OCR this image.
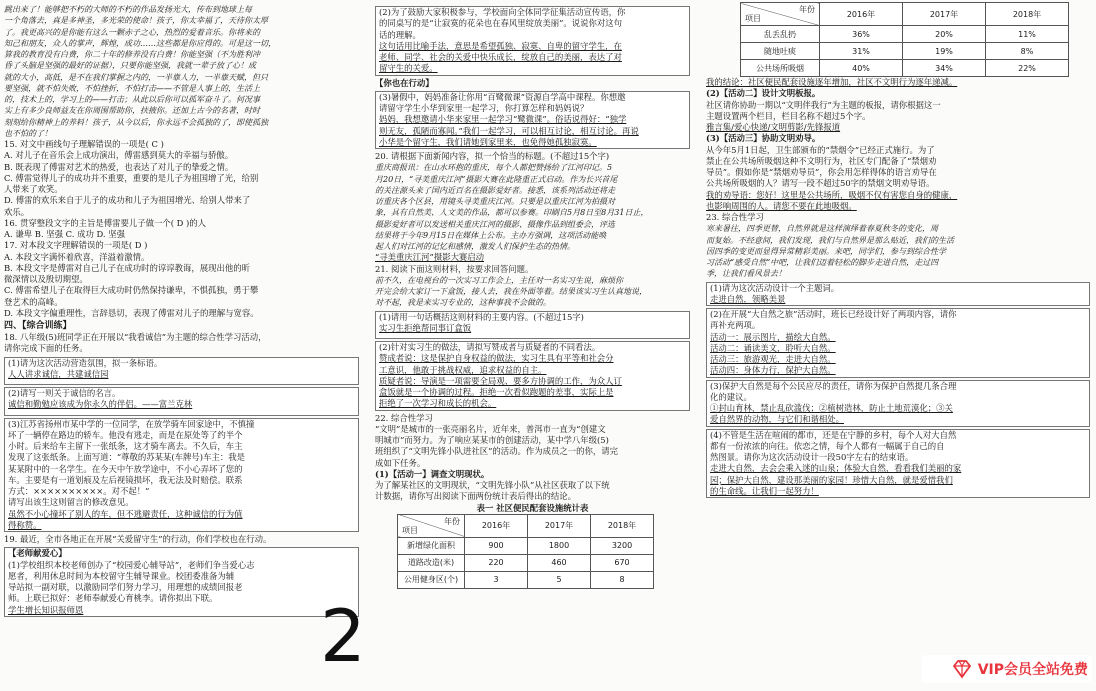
跳出来了！能够把不朽的大师的不朽的作品发扬光大，传布到地球上每
一个角落去，真是多神圣，多光荣的使命！孩子，你太幸福了，天待你太厚
了。我更高兴的是你能有这么一颗赤子之心，热烈的爱着音乐。你将来的
知己和朋友，众人的掌声，辉煌，成功……这些都是你应得的。可是这一切，
算我的教育没有白费，你二十年的修养没有白费！你能坚强（不为胜利冲
昏了头脑是坚强的最好的证据），只要你能坚强，我就一辈子放了心！成
就的大小，高低，是不在我们掌握之内的，一半靠人力，一半靠天赋，但只
要坚强，就不怕失败，不怕挫折，不怕打击——不管是人事上的，生活上
的，技术上的，学习上的——打击；从此以后你可以孤军奋斗了。何况事
实上有多少良师益友在你周围帮助你，扶掖你。还加上古今的名著，时时
刻刻给你精神上的养料！孩子，从今以后，你永远不会孤独的了，即使孤独
也不怕的了！
15. 对文中画线句子理解错误的一项是( C )
A. 对儿子在音乐会上成功演出，傅雷感到莫大的幸福与骄傲。
B. 既表现了傅雷对艺术的热爱，也表达了对儿子的挚爱之情。
C. 傅雷觉得儿子的成功并不重要，重要的是儿子为祖国增了光，给别
人带来了欢笑。
D. 傅雷的欢乐来自于儿子的成功和儿子为祖国增光、给别人带来了
欢乐。
16. 贯穿整段文字的主旨是傅雷要儿子做一个( D )的人
A. 谦卑 B. 坚强 C. 成功 D. 坚强
17. 对本段文字理解错误的一项是( D )
A. 本段文字满怀着欣喜，洋溢着激情。
B. 本段文字是傅雷对自己儿子在成功时的谆谆教诲，展现出他的昕
微深情以及殷切期望。
C. 傅雷希望儿子在取得巨大成功时仍然保持谦卑，不惧孤独，勇于攀
登艺术的高峰。
D. 本段文字偏重理性，言辞恳切，表现了傅雷对儿子的理解与宽容。
四、【综合训练】
18. 八年级(5)班同学正在开展以“我看诚信”为主题的综合性学习活动，
请你完成下面的任务。
(1)请为这次活动营造氛围，拟一条标语。
人人讲求诚信，共建诚信园
(2)请写一则关于诚信的名言。
诚信和勤勉应该成为你永久的伴侣。——富兰克林
(3)江苏省扬州市某中学的一位同学，在放学骑车回家途中，不慎撞
坏了一辆停在路边的轿车。他没有逃走，而是在原处等了约半个
小时。后来给车主留下一张纸条，这才骑车离去。不久后，车主
发现了这张纸条。上面写道：“尊敬的苏某某(车牌号)车主：我是
某某附中的一名学生。在今天中午放学途中，不小心弄坏了您的
车。主要是有一道划痕及左后视镜损坏，我无法及时赔偿。联系
方式：××××××××××。对不起！”
请写出该生这则留言的修改意见。
虽然不小心撞坏了别人的车，但不逃避责任，这种诚信的行为值
得称赞。
19. 最近，全市各地正在开展“关爱留守生”的行动，你们学校也在行动。
【老师献爱心】
(1)学校组织本校老师创办了“校园爱心辅导站”，老师们争当爱心志
愿者，利用休息时间为本校留守生辅导课业。校团委准备为辅
导站拟一副对联，以激励同学们努力学习，用理想的成绩回报老
师。上联已拟好：老师奉献爱心育桃李。请你拟出下联。
学生增长知识报师恩
(2)为了鼓励大家积极参与，学校面向全体同学征集活动宣传语，你
的同桌写的是“让寂寞的花朵也在春风里绽放美丽”。说说你对这句
话的理解。
这句话用比喻手法，意思是希望孤独、寂寞、自卑的留守学生，在
老师、同学、社会的关爱中快乐成长，绽放自己的美丽，表达了对
留守生的关爱。
【你也在行动】
(3)暑假中，妈妈准备让你用“百鹭微课”资源自学高中课程。你想邀
请留守学生小华到家里一起学习，你打算怎样和妈妈说？
妈妈，我想邀请小华来家里一起学习“鹭微课”。俗话说得好：“独学
则无友，孤陋而寡闻。”我们一起学习，可以相互讨论，相互讨论。再说
小华是个留守生，我们请她到家里来，也免得她孤独寂寞。
20. 请根据下面新闻内容，拟一个恰当的标题。(不超过15个字)
重庆商报讯：在山水环抱的重庆，每个人都把赞扬给了江河印记。5
月20日，“寻美重庆江河”摄影大赛在此隆重正式启动。作为长兴首尾
的关注源头来了国内近百名在摄影爱好者。接悉，该系列活动还将走
访重庆各个区县，用镜头寻美重庆江河。只要是以重庆江河为拍摄对
象，具有自然美、人文美的作品，都可以参赛。印刷自5月8日至8月31日止，
摄影爱好者可以发送相关重庆江河的摄影、摄像作品到组委会，评选
结果将于今年9月15日在媒体上公布。主办方强调，这项活动能唤
起人们对江河的记忆和感情，激发人们保护生态的热情。
“寻美重庆江河”摄影大赛启动
21. 阅读下面这则材料，按要求回答问题。
前不久，在电视台的一次实习工作会上，主任对一名实习生说，麻烦你
开完会给大家订一下盒饭，接人去，我在外面等着。结果该实习生认真地说，
对不起，我是来实习专业的，这种事我不会做的。
(1)请用一句话概括这则材料的主要内容。(不超过15字)
实习生拒绝帮同事订盒饭
(2)针对实习生的做法，请拟写赞成者与质疑者的不同看法。
赞成者说：这是保护自身权益的做法，实习生具有平等和社会分
工意识，他敢于挑战权威，追求权益的自主。
质疑者说：导演是一项需要全局观、要多方协调的工作，为众人订
盒饭就是一个协调的过程。拒绝一次看似跑题的差事，实际上是
拒绝了一次学习和成长的机会。
22. 综合性学习
“文明”是城市的一张亮丽名片，近年来，普洱市一直为“创建文
明城市”而努力。为了响应某某市的创建活动，某中学八年级(5)
班组织了“文明先锋小队进社区”的活动。作为成员之一的你，请完
成如下任务。
(1)【活动一】调查文明现状。
为了解某社区的文明现状，“文明先锋小队”从社区获取了以下统
计数据，请你写出阅读下面两份统计表后得出的结论。
表一 社区便民配套设施统计表
年份
项目	2016年	2017年	2018年
新增绿化面积	900	1800	3200
道路改造(米)	220	460	670
公用健身区(个)	3	5	8
年份
项目	2016年	2017年	2018年
乱丢乱扔	36%	20%	11%
随地吐痰	31%	19%	8%
公共场所吸烟	40%	34%	22%
我的结论：社区便民配套设施逐年增加，社区不文明行为逐年递减。
(2)【活动二】设计文明板报。
社区请你协助一期以“文明伴我行”为主题的板报，请你根据这一
主题设置两个栏目，栏目名称不超过5个字。
雅言集/爱心快递/文明剪影/先锋报道
(3)【活动三】协助文明劝导。
从今年5月1日起，卫生部颁布的“禁烟令”已经正式施行。为了
禁止在公共场所吸烟这种不文明行为，社区专门配备了“禁烟劝
导员”。假如你是“禁烟劝导员”，你会用怎样得体的语言劝导在
公共场所吸烟的人？请写一段不超过50字的禁烟文明劝导语。
我的劝导语：您好！这里是公共场所，吸烟不仅有害您自身的健康，
也影响周围的人。请您不要在此地吸烟。
23. 综合性学习
寒来暑往，四季更替，自然界就是这样演绎着春夏秋冬的变化，周
而复始。不经意间，我们发现，我们与自然界是那么贴近，我们的生活
因四季的变更而显得异常精彩美丽。来吧，同学们，参与到综合性学
习活动“感受自然”中吧，让我们迈着轻松的脚步走进自然，走过四
季，让我们看风景去！
(1)请为这次活动设计一个主题词。
走进自然，领略美景
(2)在开展“大自然之旅”活动时，班长已经设计好了两项内容，请你
再补充两项。
活动一：展示图片，描绘大自然。
活动二：诵读美文，聆听大自然。
活动三：旅游观光，走进大自然。
活动四：身体力行，保护大自然。
(3)保护大自然是每个公民应尽的责任，请你为保护自然提几条合理
化的建议。
①封山育林，禁止乱砍滥伐；②植树造林，防止土地荒漠化；③关
爱自然界的动物，与它们和谐相处。
(4)不管是生活在喧闹的都市，还是在宁静的乡村，每个人对大自然
都有一份浓浓的向往。依恋之情，每个人都有一幅属于自己的自
然图景。请你为这次活动设计一段50字左右的结束语。
走进大自然，去会会乘入迷的山泉；体验大自然，看看我们美丽的家
园；保护大自然，建设那美丽的家园！珍惜大自然，就是爱惜我们
的生命线。让我们一起努力！
2	VIP会员全站免费
